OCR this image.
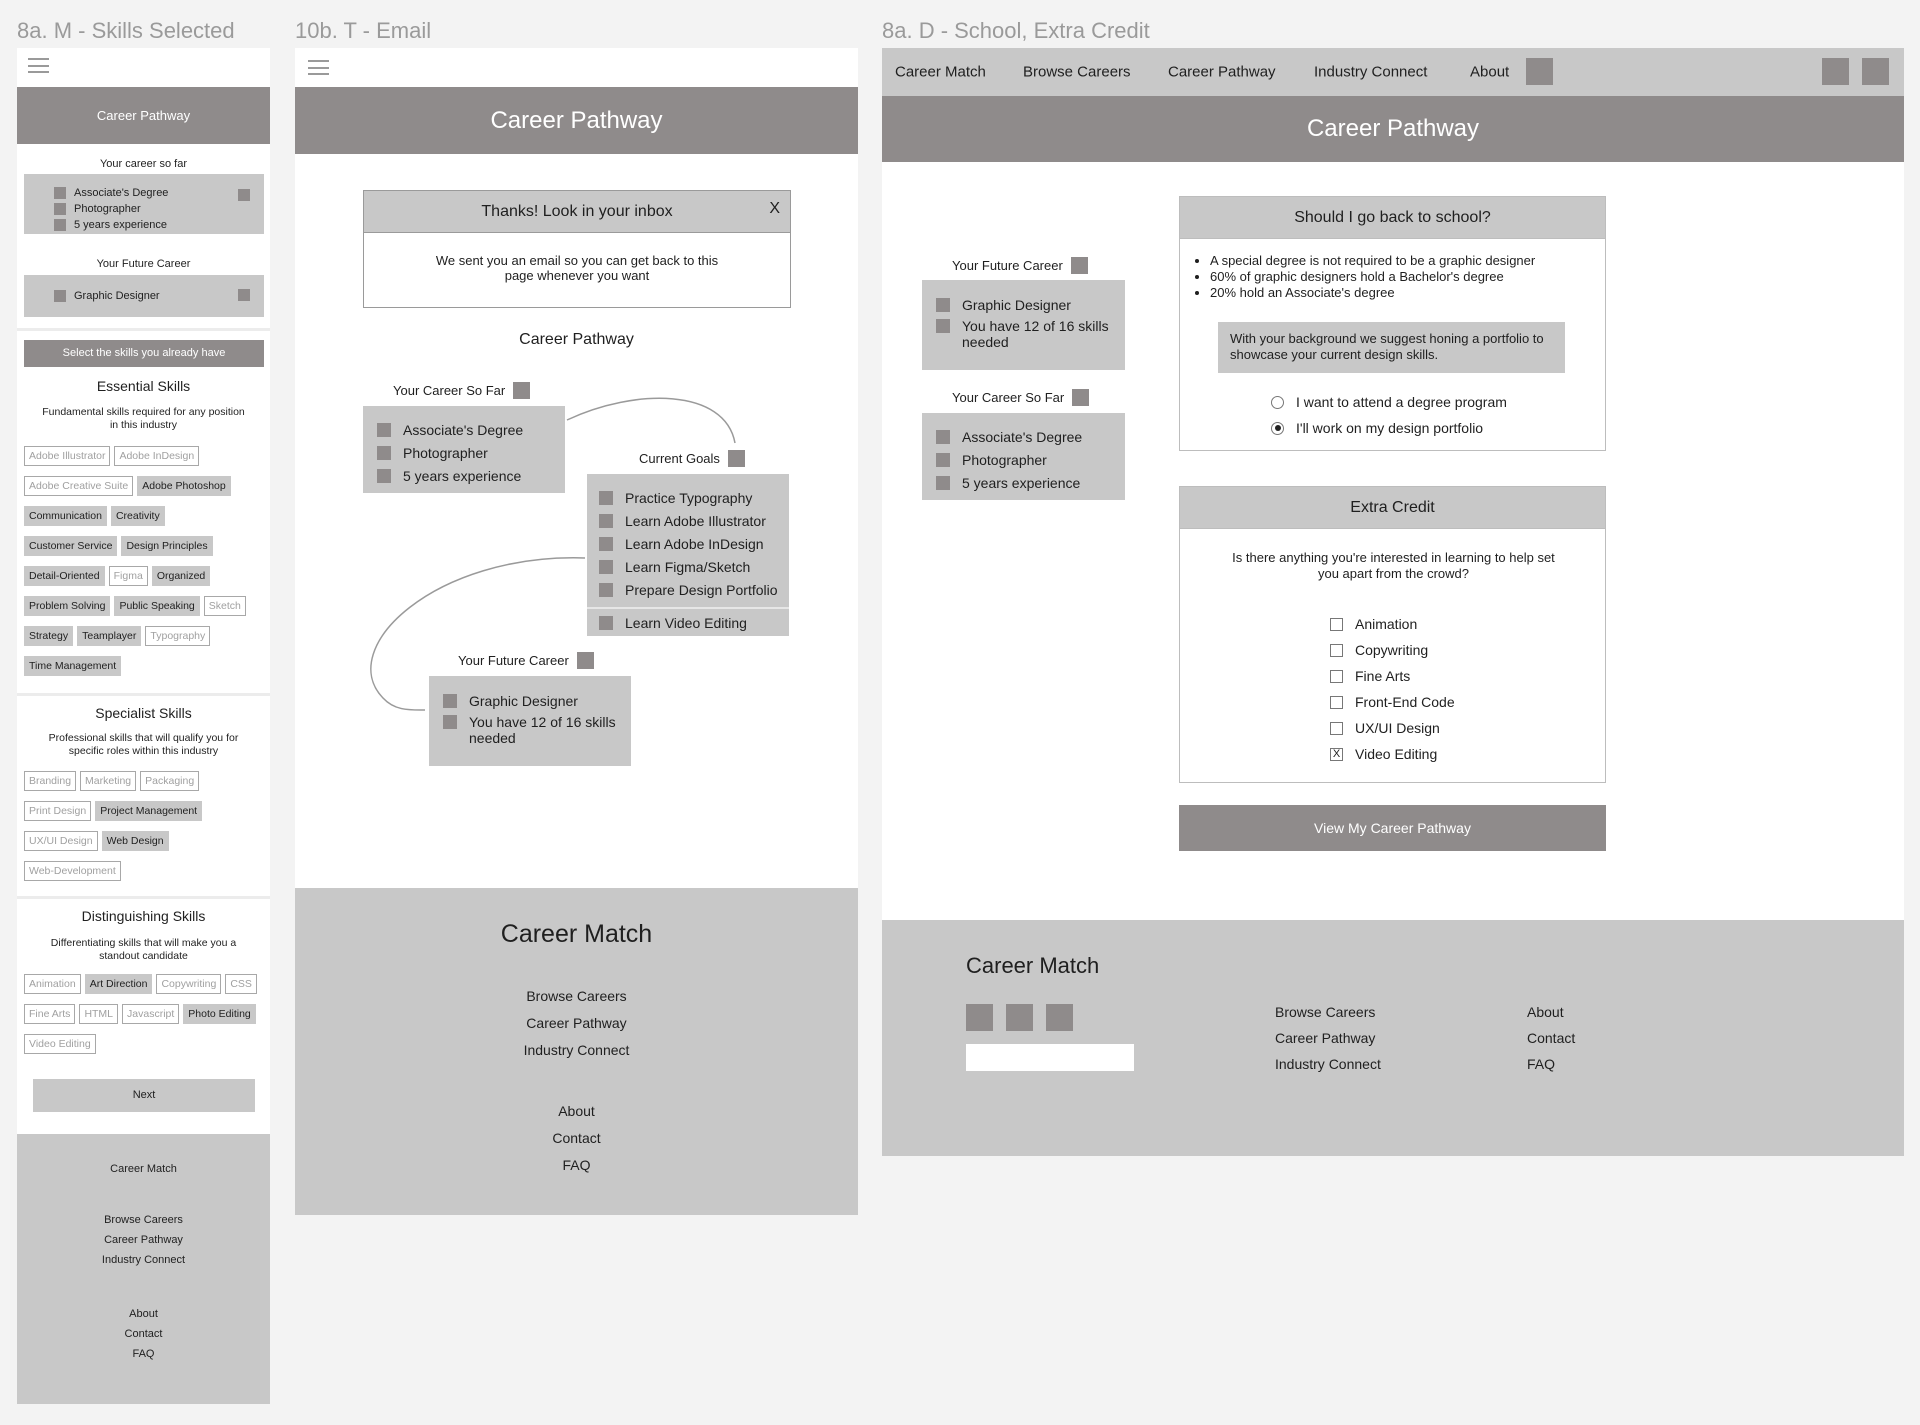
8a. M - Skills Selected	10b. T - Email	8a. D - School, Extra Credit
Career Pathway
Your career so far
Associate's Degree
Photographer
5 years experience
Your Future Career
Graphic Designer
Select the skills you already have
Essential Skills
Fundamental skills required for any position in this industry
Adobe Illustrator Adobe InDesignAdobe Creative Suite Adobe PhotoshopCommunication CreativityCustomer Service Design PrinciplesDetail-Oriented Figma OrganizedProblem Solving Public Speaking SketchStrategy Teamplayer TypographyTime Management
Specialist Skills
Professional skills that will qualify you for specific roles within this industry
Branding Marketing PackagingPrint Design Project ManagementUX/UI Design Web DesignWeb-Development
Distinguishing Skills
Differentiating skills that will make you a standout candidate
Animation Art Direction Copywriting CSSFine Arts HTML Javascript Photo EditingVideo Editing
Next
Career Match
Browse Careers
Career Pathway
Industry Connect
About
Contact
FAQ
Career Pathway
Thanks! Look in your inbox	X
We sent you an email so you can get back to this page whenever you want
Career Pathway
Your Career So Far
Associate's Degree
Photographer
5 years experience
Current Goals
Practice Typography
Learn Adobe Illustrator
Learn Adobe InDesign
Learn Figma/Sketch
Prepare Design Portfolio
Learn Video Editing
Your Future Career
Graphic Designer
You have 12 of 16 skills needed
Career Match
Browse Careers
Career Pathway
Industry Connect
About
Contact
FAQ
Career Match Browse Careers Career Pathway	Industry Connect	About
Career Pathway
Your Future Career
Graphic Designer
You have 12 of 16 skills needed
Your Career So Far
Associate's Degree
Photographer
5 years experience
Should I go back to school?
• A special degree is not required to be a graphic designer
• 60% of graphic designers hold a Bachelor's degree
• 20% hold an Associate's degree
With your background we suggest honing a portfolio to showcase your current design skills.
I want to attend a degree program
I'll work on my design portfolio
Extra Credit
Is there anything you're interested in learning to help set you apart from the crowd?
Animation
Copywriting
Fine Arts
Front-End Code
UX/UI Design
X Video Editing
View My Career Pathway
Career Match
Browse Careers
Career Pathway
Industry Connect
About
Contact
FAQ
